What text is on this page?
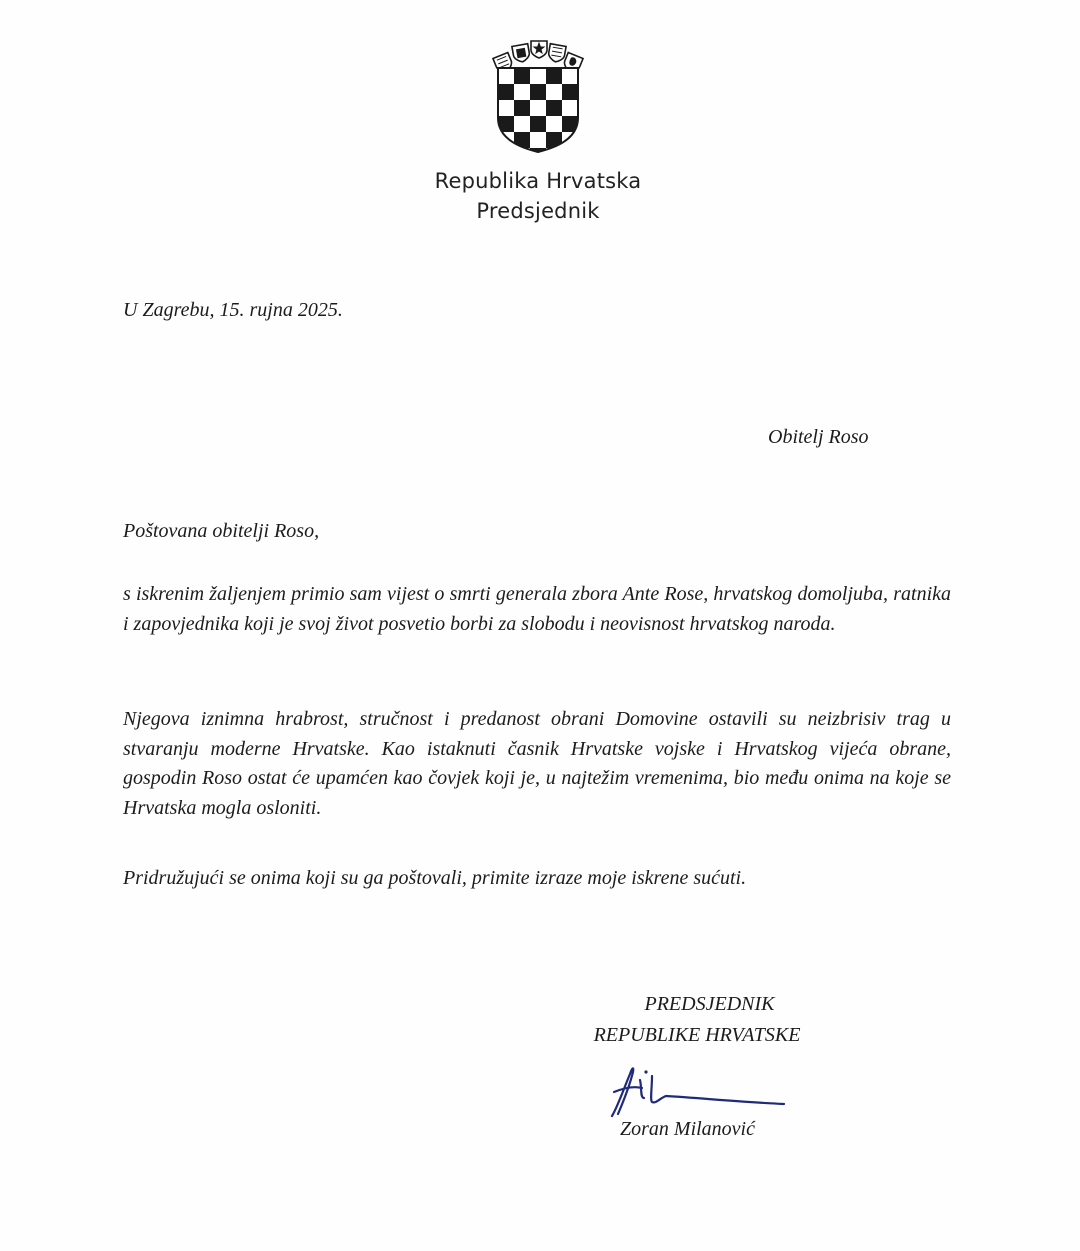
Republika Hrvatska
Predsjednik
U Zagrebu, 15. rujna 2025.
Obitelj Roso
Poštovana obitelji Roso,
s iskrenim žaljenjem primio sam vijest o smrti generala zbora Ante Rose, hrvatskog domoljuba, ratnika i zapovjednika koji je svoj život posvetio borbi za slobodu i neovisnost hrvatskog naroda.
Njegova iznimna hrabrost, stručnost i predanost obrani Domovine ostavili su neizbrisiv trag u stvaranju moderne Hrvatske. Kao istaknuti časnik Hrvatske vojske i Hrvatskog vijeća obrane, gospodin Roso ostat će upamćen kao čovjek koji je, u najtežim vremenima, bio među onima na koje se Hrvatska mogla osloniti.
Pridružujući se onima koji su ga poštovali, primite izraze moje iskrene sućuti.
PREDSJEDNIK
REPUBLIKE HRVATSKE
Zoran Milanović
